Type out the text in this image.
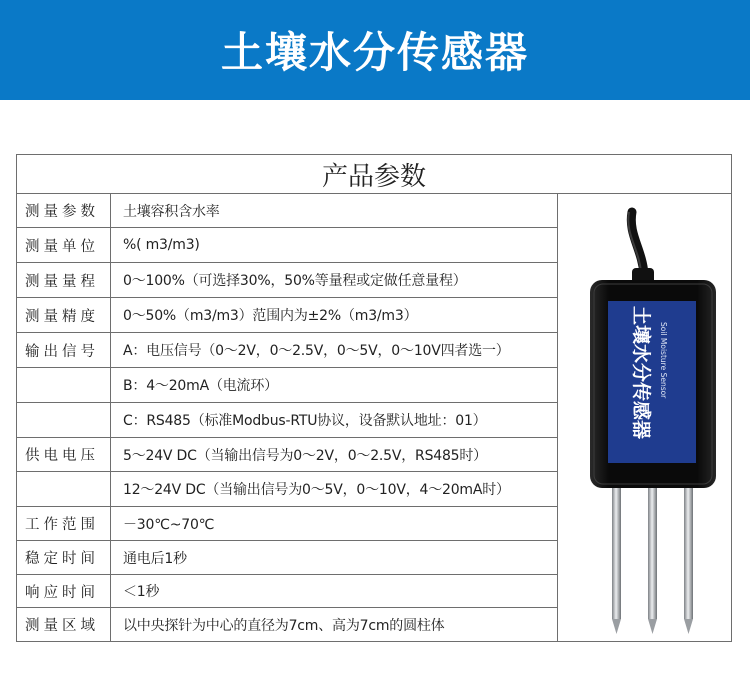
土壤水分传感器
产品参数
测量参数	土壤容积含水率
测量单位	%( m3/m3)
测量量程	0～100%（可选择30%，50%等量程或定做任意量程）
测量精度	0～50%（m3/m3）范围内为±2%（m3/m3）
输出信号	A：电压信号（0～2V，0～2.5V，0～5V，0～10V四者选一）
B：4～20mA（电流环）
C：RS485（标准Modbus-RTU协议，设备默认地址：01）
供电电压	5～24V DC（当输出信号为0～2V，0～2.5V，RS485时）
12～24V DC（当输出信号为0～5V，0～10V，4～20mA时）
工作范围	－30℃~70℃
稳定时间	通电后1秒
响应时间	＜1秒
测量区域	以中央探针为中心的直径为7cm、高为7cm的圆柱体
土壤水分传感器 Soil Moisture Sensor
